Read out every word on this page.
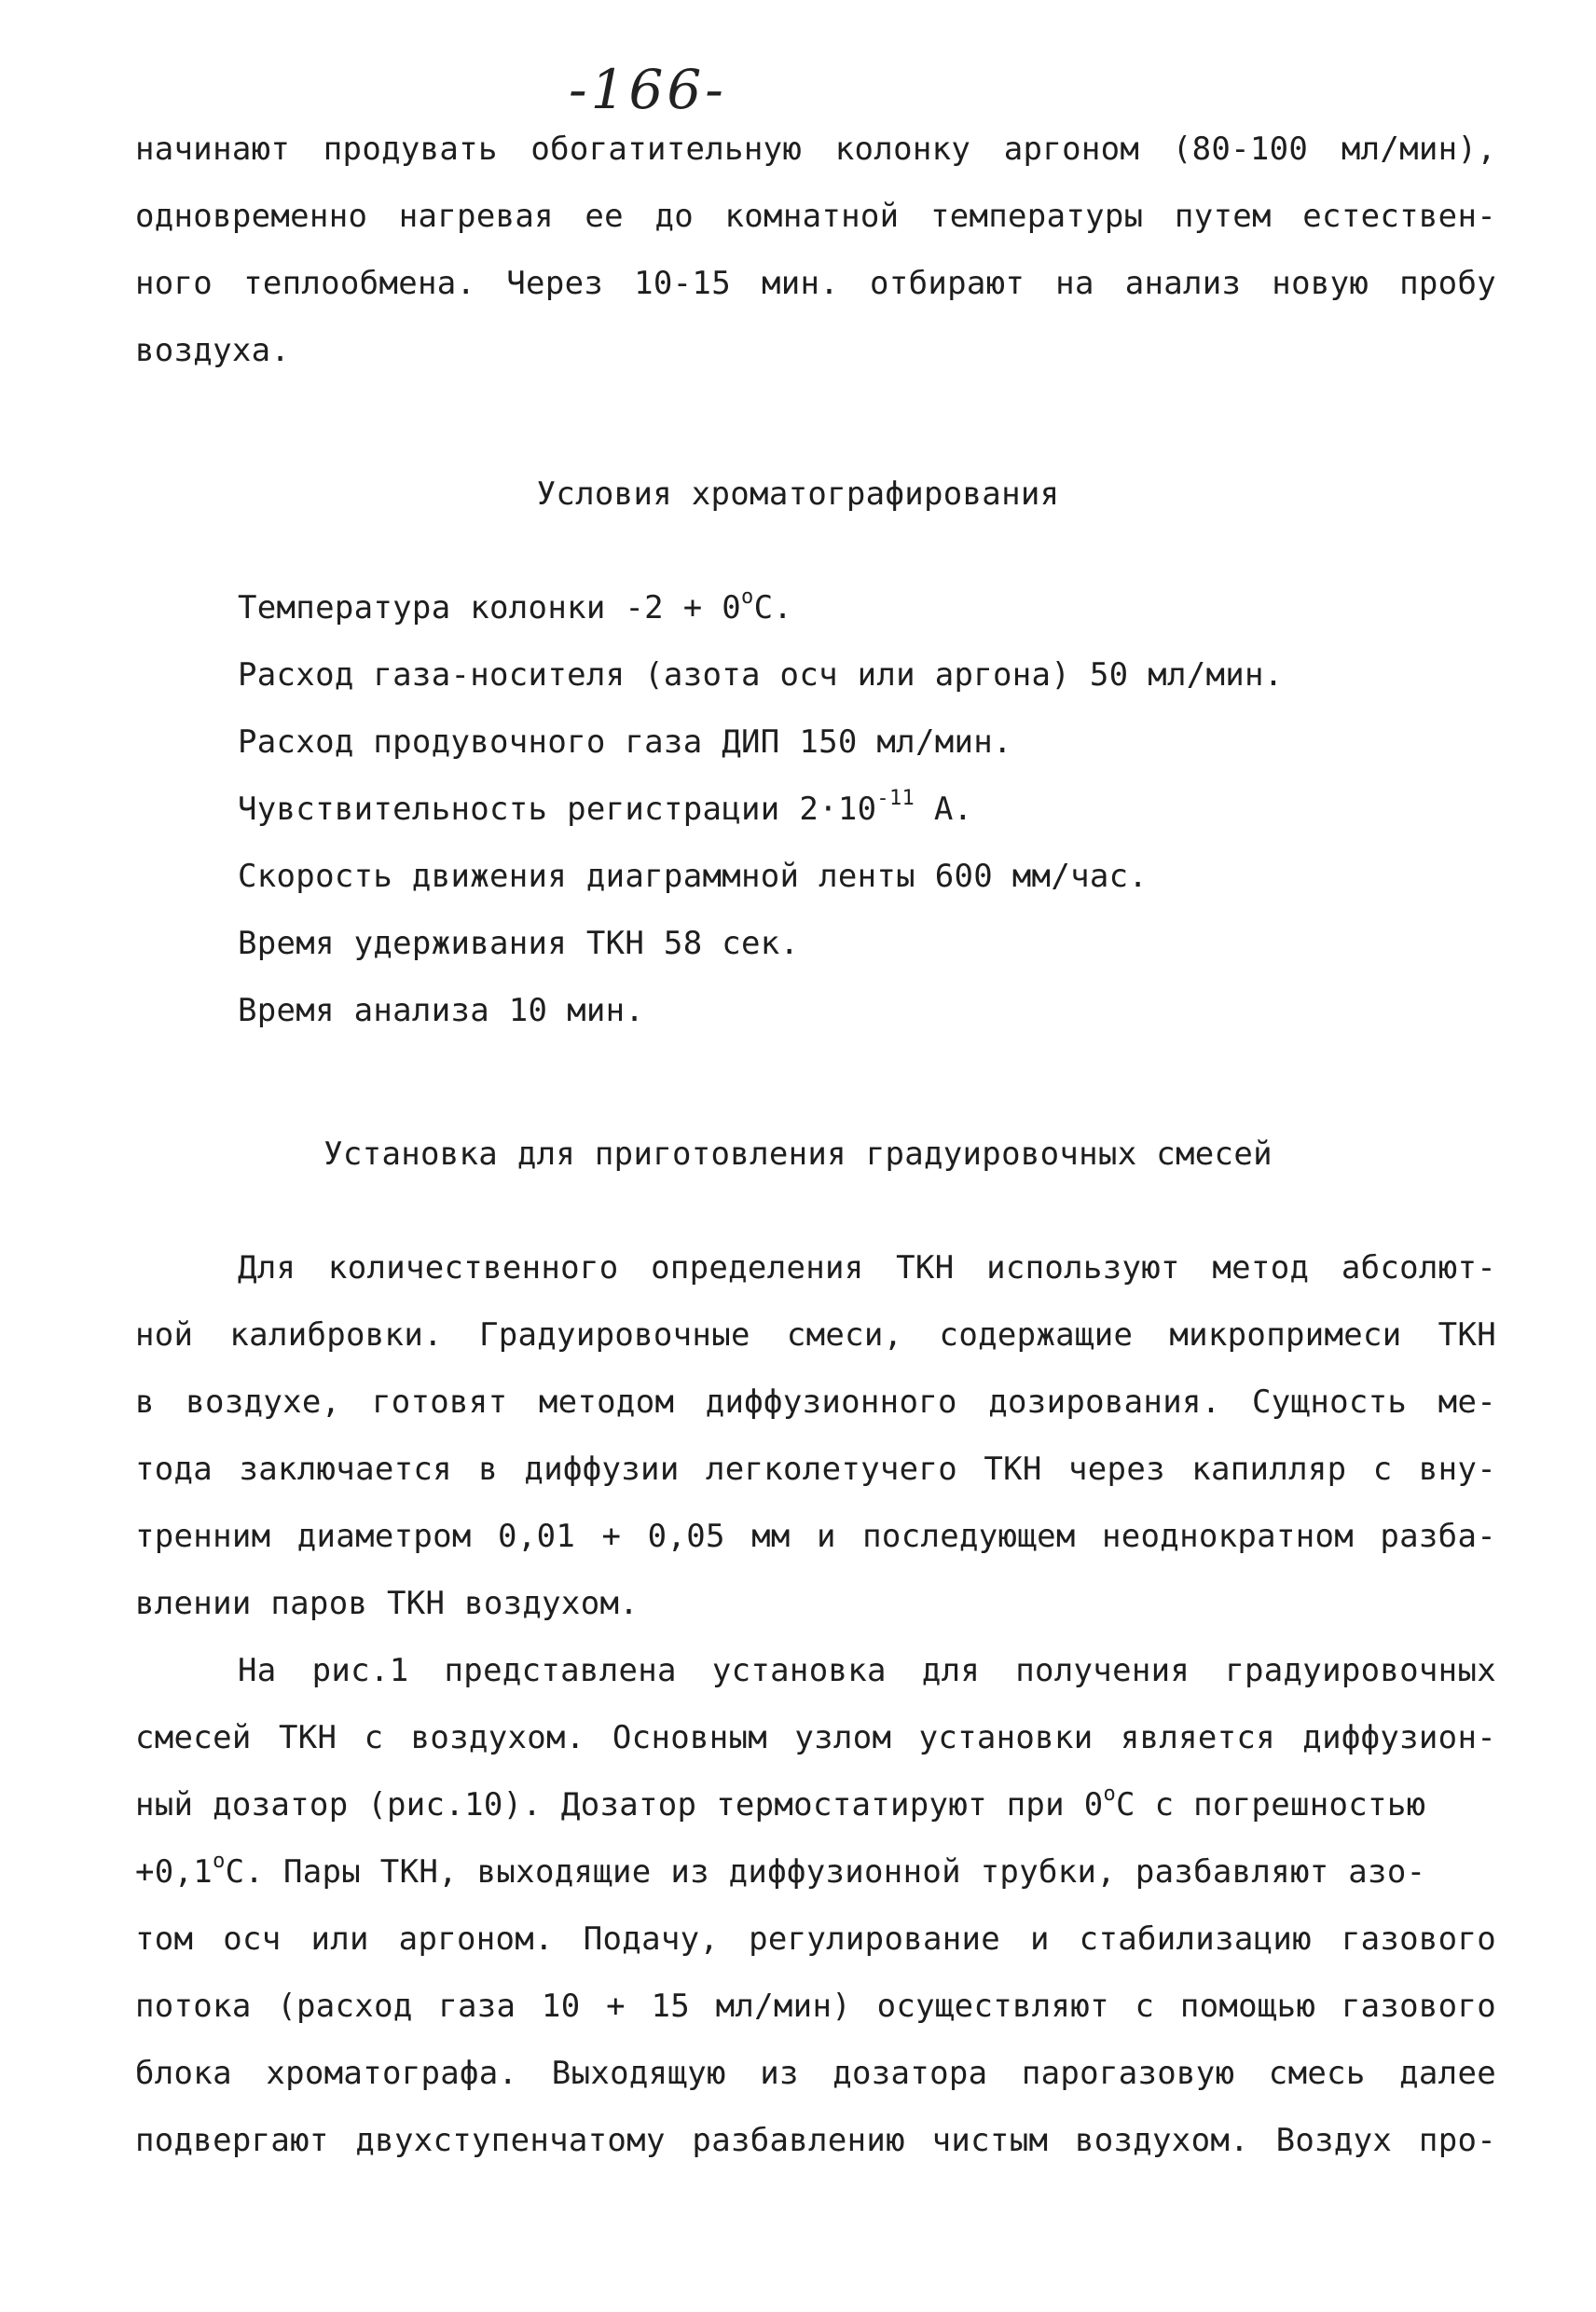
-166-
начинают продувать обогатительную колонку аргоном (80-100 мл/мин),
одновременно нагревая ее до комнатной температуры путем естествен-
ного теплообмена. Через 10-15 мин. отбирают на анализ новую пробу
воздуха.
Условия хроматографирования
Температура колонки $-2 + 0^oС$.
Расход газа-носителя (азота осч или аргона) 50 мл/мин.
Расход продувочного газа ДИП 150 мл/мин.
Чувствительность регистрации $2\cdot 10^{-11}$ А.
Скорость движения диаграммной ленты 600 мм/час.
Время удерживания ТКН 58 сек.
Время анализа 10 мин.
Установка для приготовления градуировочных смесей
Для количественного определения ТКН используют метод абсолют-
ной калибровки. Градуировочные смеси, содержащие микропримеси ТКН
в воздухе, готовят методом диффузионного дозирования. Сущность ме-
тода заключается в диффузии легколетучего ТКН через капилляр с вну-
тренним диаметром 0,01 + 0,05 мм и последующем неоднократном разба-
влении паров ТКН воздухом.
На рис.1 представлена установка для получения градуировочных
смесей ТКН с воздухом. Основным узлом установки является диффузион-
ный дозатор (рис.10). Дозатор термостатируют при 0$^o$С с погрешностью
$+0,1^oС$. Пары ТКН, выходящие из диффузионной трубки, разбавляют азо-
том осч или аргоном. Подачу, регулирование и стабилизацию газового
потока (расход газа 10 + 15 мл/мин) осуществляют с помощью газового
блока хроматографа. Выходящую из дозатора парогазовую смесь далее
подвергают двухступенчатому разбавлению чистым воздухом. Воздух про-
